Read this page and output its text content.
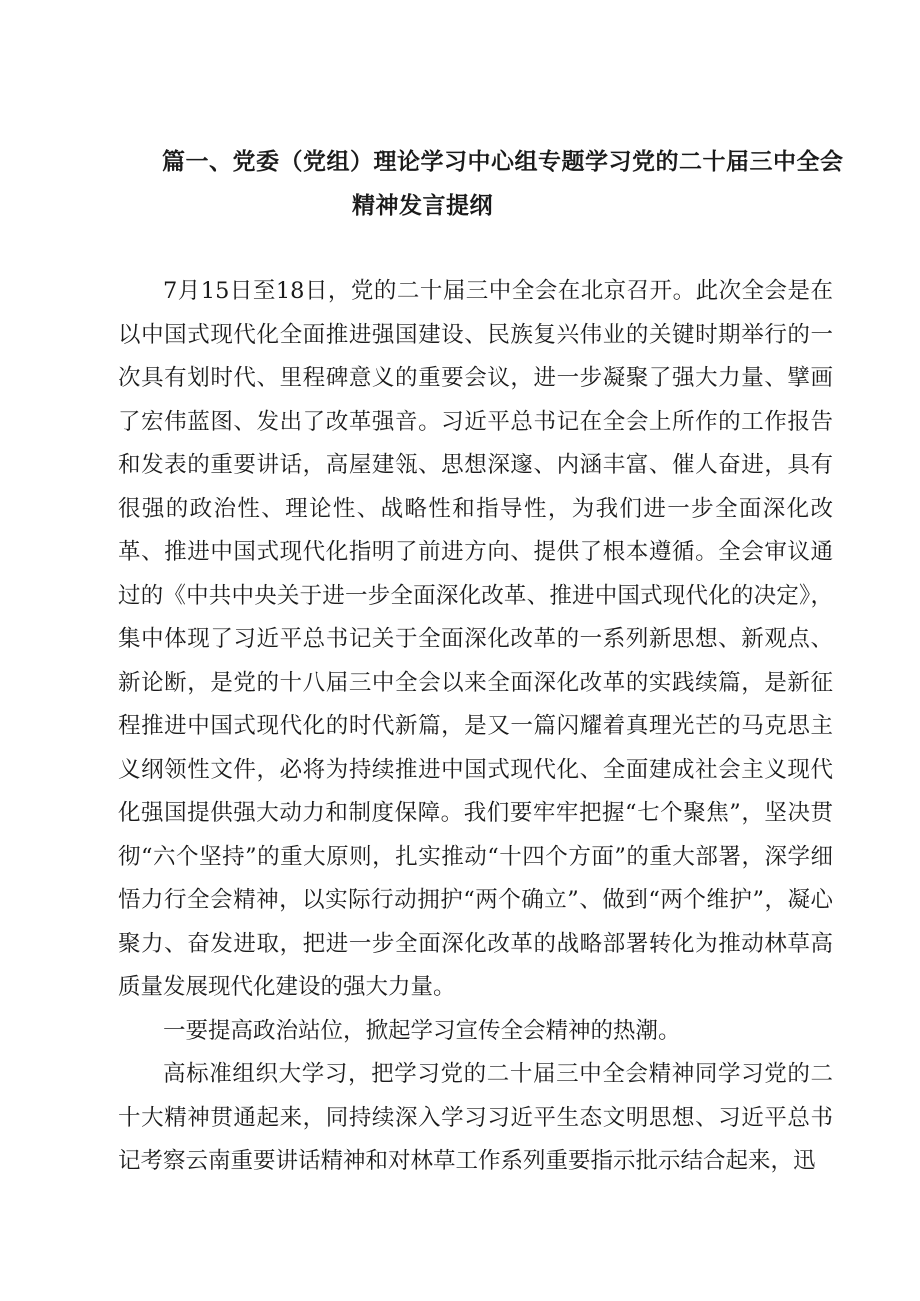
篇一、党委（党组）理论学习中心组专题学习党的二十届三中全会
精神发言提纲

7月15日至18日，党的二十届三中全会在北京召开。此次全会是在以中国式现代化全面推进强国建设、民族复兴伟业的关键时期举行的一次具有划时代、里程碑意义的重要会议，进一步凝聚了强大力量、擘画了宏伟蓝图、发出了改革强音。习近平总书记在全会上所作的工作报告和发表的重要讲话，高屋建瓴、思想深邃、内涵丰富、催人奋进，具有很强的政治性、理论性、战略性和指导性，为我们进一步全面深化改革、推进中国式现代化指明了前进方向、提供了根本遵循。全会审议通过的《中共中央关于进一步全面深化改革、推进中国式现代化的决定》，集中体现了习近平总书记关于全面深化改革的一系列新思想、新观点、新论断，是党的十八届三中全会以来全面深化改革的实践续篇，是新征程推进中国式现代化的时代新篇，是又一篇闪耀着真理光芒的马克思主义纲领性文件，必将为持续推进中国式现代化、全面建成社会主义现代化强国提供强大动力和制度保障。我们要牢牢把握“七个聚焦”，坚决贯彻“六个坚持”的重大原则，扎实推动“十四个方面”的重大部署，深学细悟力行全会精神，以实际行动拥护“两个确立”、做到“两个维护”，凝心聚力、奋发进取，把进一步全面深化改革的战略部署转化为推动林草高质量发展现代化建设的强大力量。

一要提高政治站位，掀起学习宣传全会精神的热潮。

高标准组织大学习，把学习党的二十届三中全会精神同学习党的二十大精神贯通起来，同持续深入学习习近平生态文明思想、习近平总书记考察云南重要讲话精神和对林草工作系列重要指示批示结合起来，迅
